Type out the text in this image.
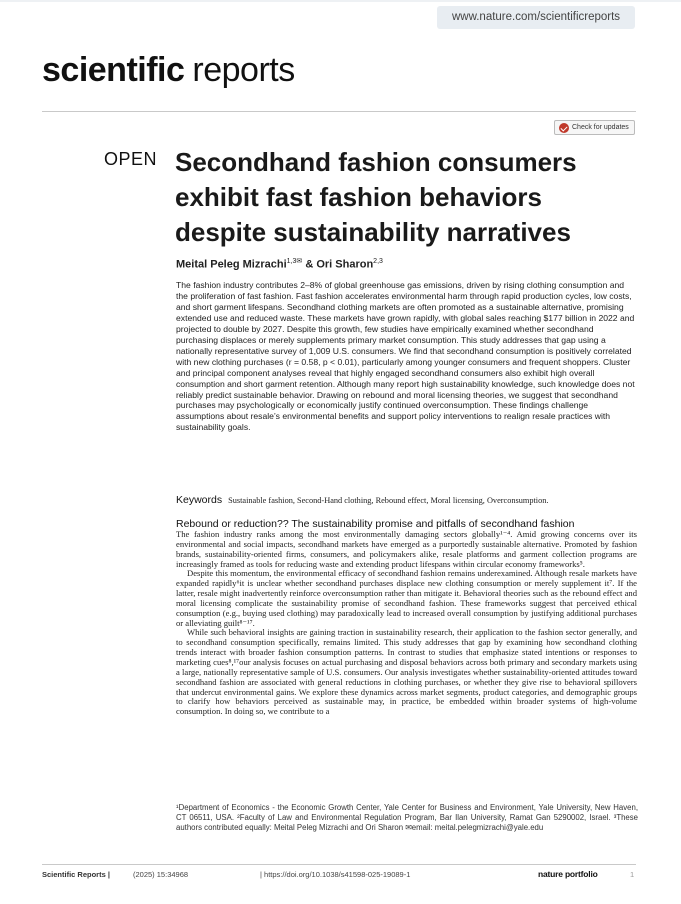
www.nature.com/scientificreports
scientific reports
Check for updates
OPEN Secondhand fashion consumers exhibit fast fashion behaviors despite sustainability narratives
Meital Peleg Mizrachi$^{1,3✉}$ & Ori Sharon$^{2,3}$

The fashion industry contributes 2–8% of global greenhouse gas emissions, driven by rising clothing consumption and the proliferation of fast fashion. Fast fashion accelerates environmental harm through rapid production cycles, low costs, and short garment lifespans. Secondhand clothing markets are often promoted as a sustainable alternative, promising extended use and reduced waste. These markets have grown rapidly, with global sales reaching $177 billion in 2022 and projected to double by 2027. Despite this growth, few studies have empirically examined whether secondhand purchasing displaces or merely supplements primary market consumption. This study addresses that gap using a nationally representative survey of 1,009 U.S. consumers. We find that secondhand consumption is positively correlated with new clothing purchases (r = 0.58, p < 0.01), particularly among younger consumers and frequent shoppers. Cluster and principal component analyses reveal that highly engaged secondhand consumers also exhibit high overall consumption and short garment retention. Although many report high sustainability knowledge, such knowledge does not reliably predict sustainable behavior. Drawing on rebound and moral licensing theories, we suggest that secondhand purchases may psychologically or economically justify continued overconsumption. These findings challenge assumptions about resale’s environmental benefits and support policy interventions to realign resale practices with sustainability goals.

Keywords Sustainable fashion, Second-Hand clothing, Rebound effect, Moral licensing, Overconsumption.
Rebound or reduction?? The sustainability promise and pitfalls of secondhand fashion

The fashion industry ranks among the most environmentally damaging sectors globally¹⁻⁴. Amid growing concerns over its environmental and social impacts, secondhand markets have emerged as a purportedly sustainable alternative. Promoted by fashion brands, sustainability-oriented firms, consumers, and policymakers alike, resale platforms and garment collection programs are increasingly framed as tools for reducing waste and extending product lifespans within circular economy frameworks⁵.

Despite this momentum, the environmental efficacy of secondhand fashion remains underexamined. Although resale markets have expanded rapidly⁶it is unclear whether secondhand purchases displace new clothing consumption or merely supplement it⁷. If the latter, resale might inadvertently reinforce overconsumption rather than mitigate it. Behavioral theories such as the rebound effect and moral licensing complicate the sustainability promise of secondhand fashion. These frameworks suggest that perceived ethical consumption (e.g., buying used clothing) may paradoxically lead to increased overall consumption by justifying additional purchases or alleviating guilt⁸⁻¹⁷.

While such behavioral insights are gaining traction in sustainability research, their application to the fashion sector generally, and to secondhand consumption specifically, remains limited. This study addresses that gap by examining how secondhand clothing trends interact with broader fashion consumption patterns. In contrast to studies that emphasize stated intentions or responses to marketing cues⁸,¹⁷our analysis focuses on actual purchasing and disposal behaviors across both primary and secondary markets using a large, nationally representative sample of U.S. consumers. Our analysis investigates whether sustainability-oriented attitudes toward secondhand fashion are associated with general reductions in clothing purchases, or whether they give rise to behavioral spillovers that undercut environmental gains. We explore these dynamics across market segments, product categories, and demographic groups to clarify how behaviors perceived as sustainable may, in practice, be embedded within broader systems of high-volume consumption. In doing so, we contribute to a

¹Department of Economics - the Economic Growth Center, Yale Center for Business and Environment, Yale University, New Haven, CT 06511, USA. ²Faculty of Law and Environmental Regulation Program, Bar Ilan University, Ramat Gan 5290002, Israel. ³These authors contributed equally: Meital Peleg Mizrachi and Ori Sharon ✉email: meital.pelegmizrachi@yale.edu

Scientific Reports |	(2025) 15:34968	| https://doi.org/10.1038/s41598-025-19089-1	nature portfolio	1
